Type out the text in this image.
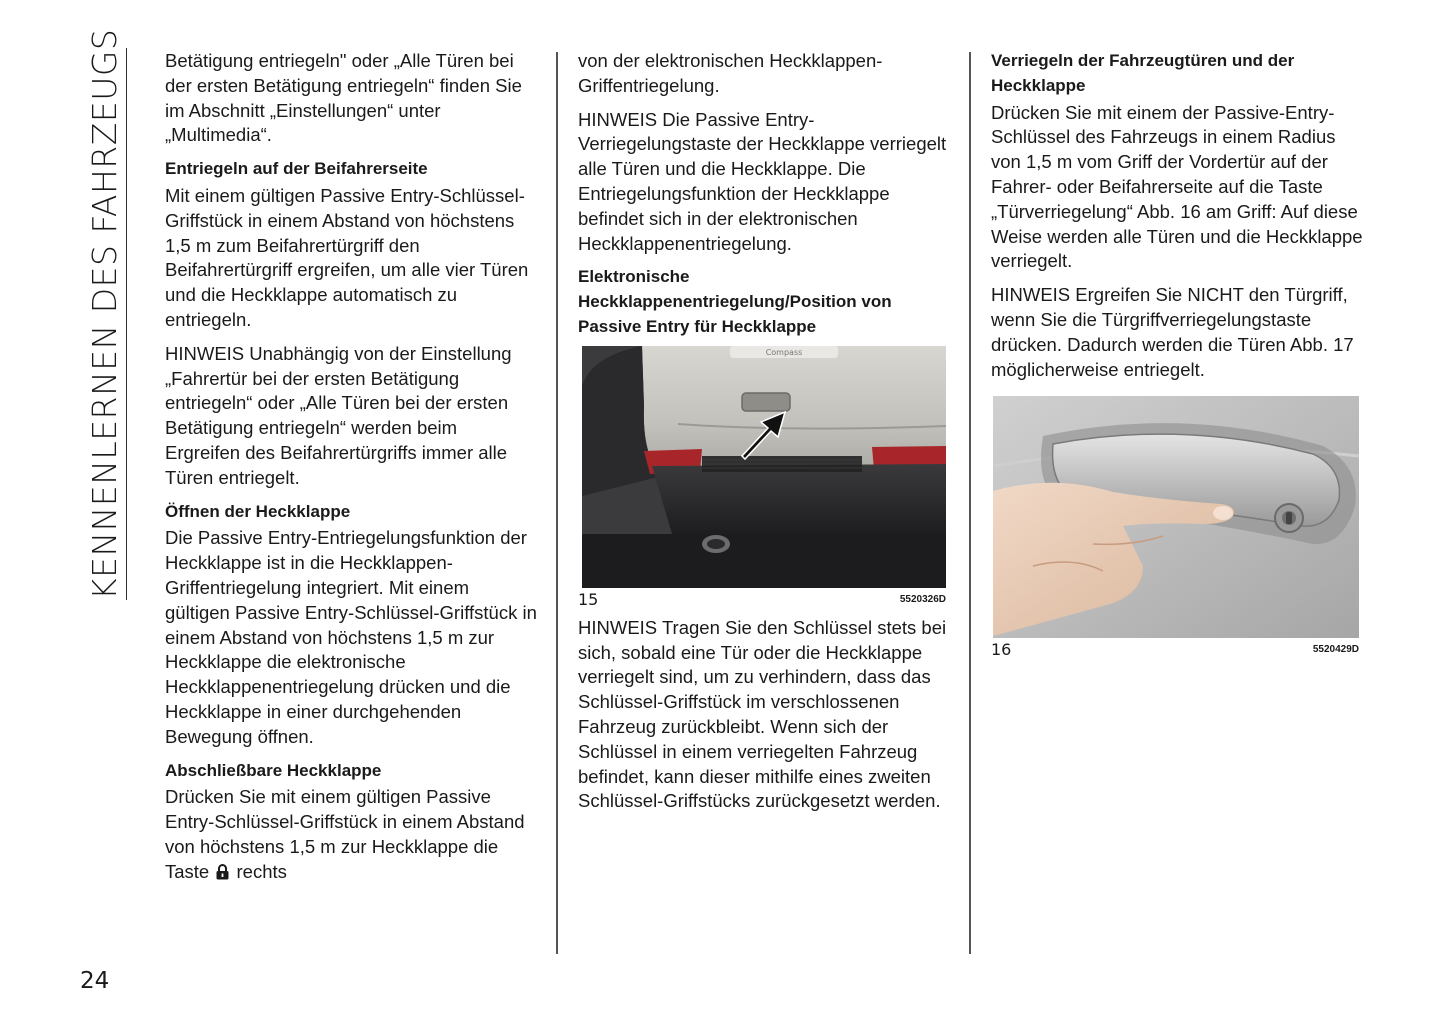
KENNENLERNEN DES FAHRZEUGS
24

Betätigung entriegeln" oder „Alle Türen bei der ersten Betätigung entriegeln“ finden Sie im Abschnitt „Einstellungen“ unter „Multimedia“.

Entriegeln auf der Beifahrerseite

Mit einem gültigen Passive Entry-Schlüssel-Griffstück in einem Abstand von höchstens 1,5 m zum Beifahrertürgriff den Beifahrertürgriff ergreifen, um alle vier Türen und die Heckklappe automatisch zu entriegeln.

HINWEIS Unabhängig von der Einstellung „Fahrertür bei der ersten Betätigung entriegeln“ oder „Alle Türen bei der ersten Betätigung entriegeln“ werden beim Ergreifen des Beifahrertürgriffs immer alle Türen entriegelt.

Öffnen der Heckklappe

Die Passive Entry-Entriegelungsfunktion der Heckklappe ist in die Heckklappen-Griffentriegelung integriert. Mit einem gültigen Passive Entry-Schlüssel-Griffstück in einem Abstand von höchstens 1,5 m zur Heckklappe die elektronische Heckklappenentriegelung drücken und die Heckklappe in einer durchgehenden Bewegung öffnen.

Abschließbare Heckklappe

Drücken Sie mit einem gültigen Passive Entry-Schlüssel-Griffstück in einem Abstand von höchstens 1,5 m zur Heckklappe die Taste rechts

von der elektronischen Heckklappen-Griffentriegelung.

HINWEIS Die Passive Entry-Verriegelungstaste der Heckklappe verriegelt alle Türen und die Heckklappe. Die Entriegelungsfunktion der Heckklappe befindet sich in der elektronischen Heckklappenentriegelung.

Elektronische Heckklappenentriegelung/Position von Passive Entry für Heckklappe
Compass
15	5520326D

HINWEIS Tragen Sie den Schlüssel stets bei sich, sobald eine Tür oder die Heckklappe verriegelt sind, um zu verhindern, dass das Schlüssel-Griffstück im verschlossenen Fahrzeug zurückbleibt. Wenn sich der Schlüssel in einem verriegelten Fahrzeug befindet, kann dieser mithilfe eines zweiten Schlüssel-Griffstücks zurückgesetzt werden.

Verriegeln der Fahrzeugtüren und der Heckklappe

Drücken Sie mit einem der Passive-Entry-Schlüssel des Fahrzeugs in einem Radius von 1,5 m vom Griff der Vordertür auf der Fahrer- oder Beifahrerseite auf die Taste „Türverriegelung“ Abb. 16 am Griff: Auf diese Weise werden alle Türen und die Heckklappe verriegelt.

HINWEIS Ergreifen Sie NICHT den Türgriff, wenn Sie die Türgriffverriegelungstaste drücken. Dadurch werden die Türen Abb. 17 möglicherweise entriegelt.

16	5520429D
